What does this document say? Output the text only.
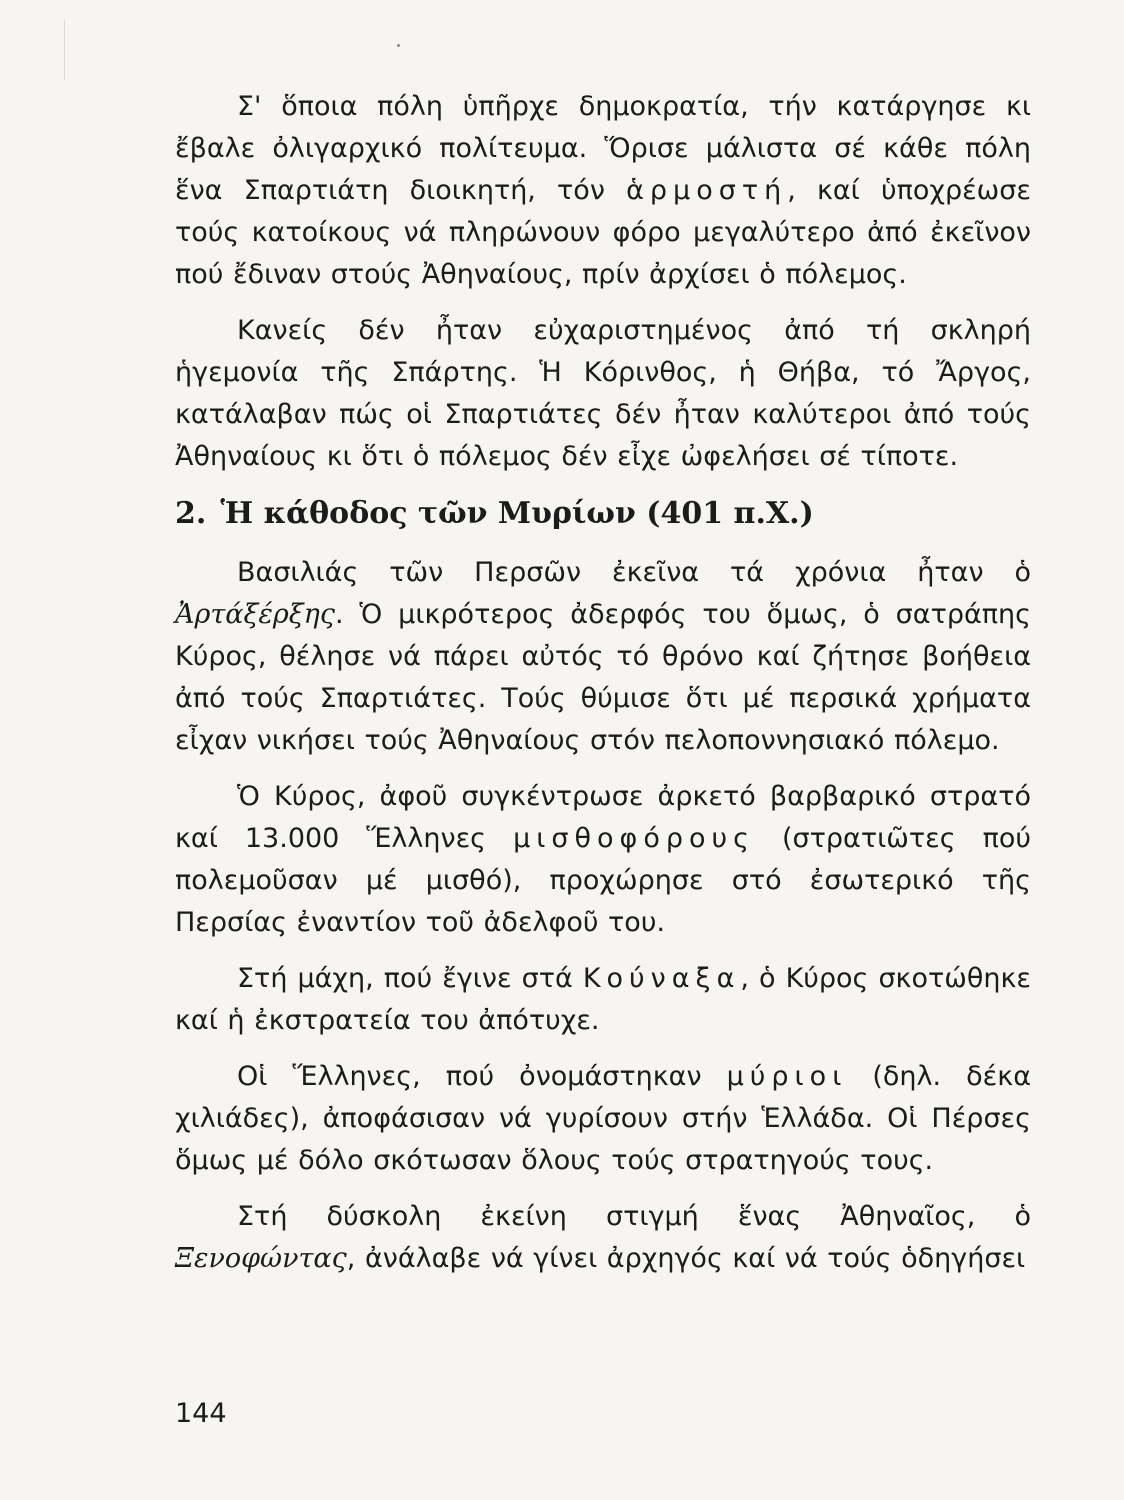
Σ' ὅποια πόλη ὑπῆρχε δημοκρατία, τήν κατάργησε κι ἔβαλε ὀλιγαρχικό πολίτευμα. Ὅρισε μάλιστα σέ κάθε πόλη ἕνα Σπαρτιάτη διοικητή, τόν ἁρμοστή, καί ὑποχρέωσε τούς κατοίκους νά πληρώνουν φόρο μεγαλύτερο ἀπό ἐκεῖνον πού ἔδιναν στούς Ἀθηναίους, πρίν ἀρχίσει ὁ πόλεμος.

Κανείς δέν ἦταν εὐχαριστημένος ἀπό τή σκληρή ἡγεμονία τῆς Σπάρτης. Ἡ Κόρινθος, ἡ Θήβα, τό Ἄργος, κατάλαβαν πώς οἱ Σπαρτιάτες δέν ἦταν καλύτεροι ἀπό τούς Ἀθηναίους κι ὅτι ὁ πόλεμος δέν εἶχε ὠφελήσει σέ τίποτε.

2. Ἡ κάθοδος τῶν Μυρίων (401 π.Χ.)

Βασιλιάς τῶν Περσῶν ἐκεῖνα τά χρόνια ἦταν ὁ Ἀρτάξέρξης. Ὁ μικρότερος ἀδερφός του ὅμως, ὁ σατράπης Κύρος, θέλησε νά πάρει αὐτός τό θρόνο καί ζήτησε βοήθεια ἀπό τούς Σπαρτιάτες. Τούς θύμισε ὅτι μέ περσικά χρήματα εἶχαν νικήσει τούς Ἀθηναίους στόν πελοποννησιακό πόλεμο.

Ὁ Κύρος, ἀφοῦ συγκέντρωσε ἀρκετό βαρβαρικό στρατό καί 13.000 Ἕλληνες μισθοφόρους (στρατιῶτες πού πολεμοῦσαν μέ μισθό), προχώρησε στό ἐσωτερικό τῆς Περσίας ἐναντίον τοῦ ἀδελφοῦ του.

Στή μάχη, πού ἔγινε στά Κούναξα, ὁ Κύρος σκοτώθηκε καί ἡ ἐκστρατεία του ἀπότυχε.

Οἱ Ἕλληνες, πού ὀνομάστηκαν μύριοι (δηλ. δέκα χιλιάδες), ἀποφάσισαν νά γυρίσουν στήν Ἑλλάδα. Οἱ Πέρσες ὅμως μέ δόλο σκότωσαν ὅλους τούς στρατηγούς τους.

Στή δύσκολη ἐκείνη στιγμή ἕνας Ἀθηναῖος, ὁ Ξενοφώντας, ἀνάλαβε νά γίνει ἀρχηγός καί νά τούς ὁδηγήσει

144
